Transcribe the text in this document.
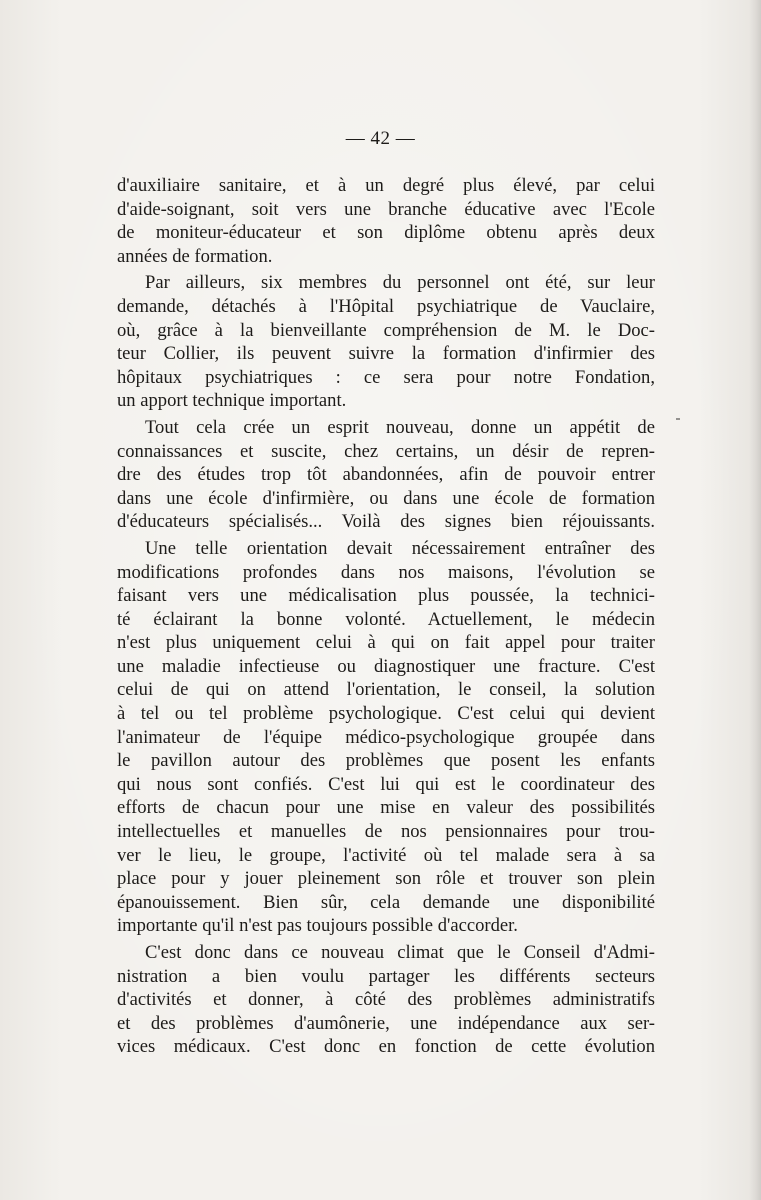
— 42 —

d'auxiliaire sanitaire, et à un degré plus élevé, par celui
d'aide-soignant, soit vers une branche éducative avec l'Ecole
de moniteur-éducateur et son diplôme obtenu après deux
années de formation.

Par ailleurs, six membres du personnel ont été, sur leur
demande, détachés à l'Hôpital psychiatrique de Vauclaire,
où, grâce à la bienveillante compréhension de M. le Doc-
teur Collier, ils peuvent suivre la formation d'infirmier des
hôpitaux psychiatriques : ce sera pour notre Fondation,
un apport technique important.

Tout cela crée un esprit nouveau, donne un appétit de
connaissances et suscite, chez certains, un désir de repren-
dre des études trop tôt abandonnées, afin de pouvoir entrer
dans une école d'infirmière, ou dans une école de formation
d'éducateurs spécialisés... Voilà des signes bien réjouissants.

Une telle orientation devait nécessairement entraîner des
modifications profondes dans nos maisons, l'évolution se
faisant vers une médicalisation plus poussée, la technici-
té éclairant la bonne volonté. Actuellement, le médecin
n'est plus uniquement celui à qui on fait appel pour traiter
une maladie infectieuse ou diagnostiquer une fracture. C'est
celui de qui on attend l'orientation, le conseil, la solution
à tel ou tel problème psychologique. C'est celui qui devient
l'animateur de l'équipe médico-psychologique groupée dans
le pavillon autour des problèmes que posent les enfants
qui nous sont confiés. C'est lui qui est le coordinateur des
efforts de chacun pour une mise en valeur des possibilités
intellectuelles et manuelles de nos pensionnaires pour trou-
ver le lieu, le groupe, l'activité où tel malade sera à sa
place pour y jouer pleinement son rôle et trouver son plein
épanouissement. Bien sûr, cela demande une disponibilité
importante qu'il n'est pas toujours possible d'accorder.

C'est donc dans ce nouveau climat que le Conseil d'Admi-
nistration a bien voulu partager les différents secteurs
d'activités et donner, à côté des problèmes administratifs
et des problèmes d'aumônerie, une indépendance aux ser-
vices médicaux. C'est donc en fonction de cette évolution
